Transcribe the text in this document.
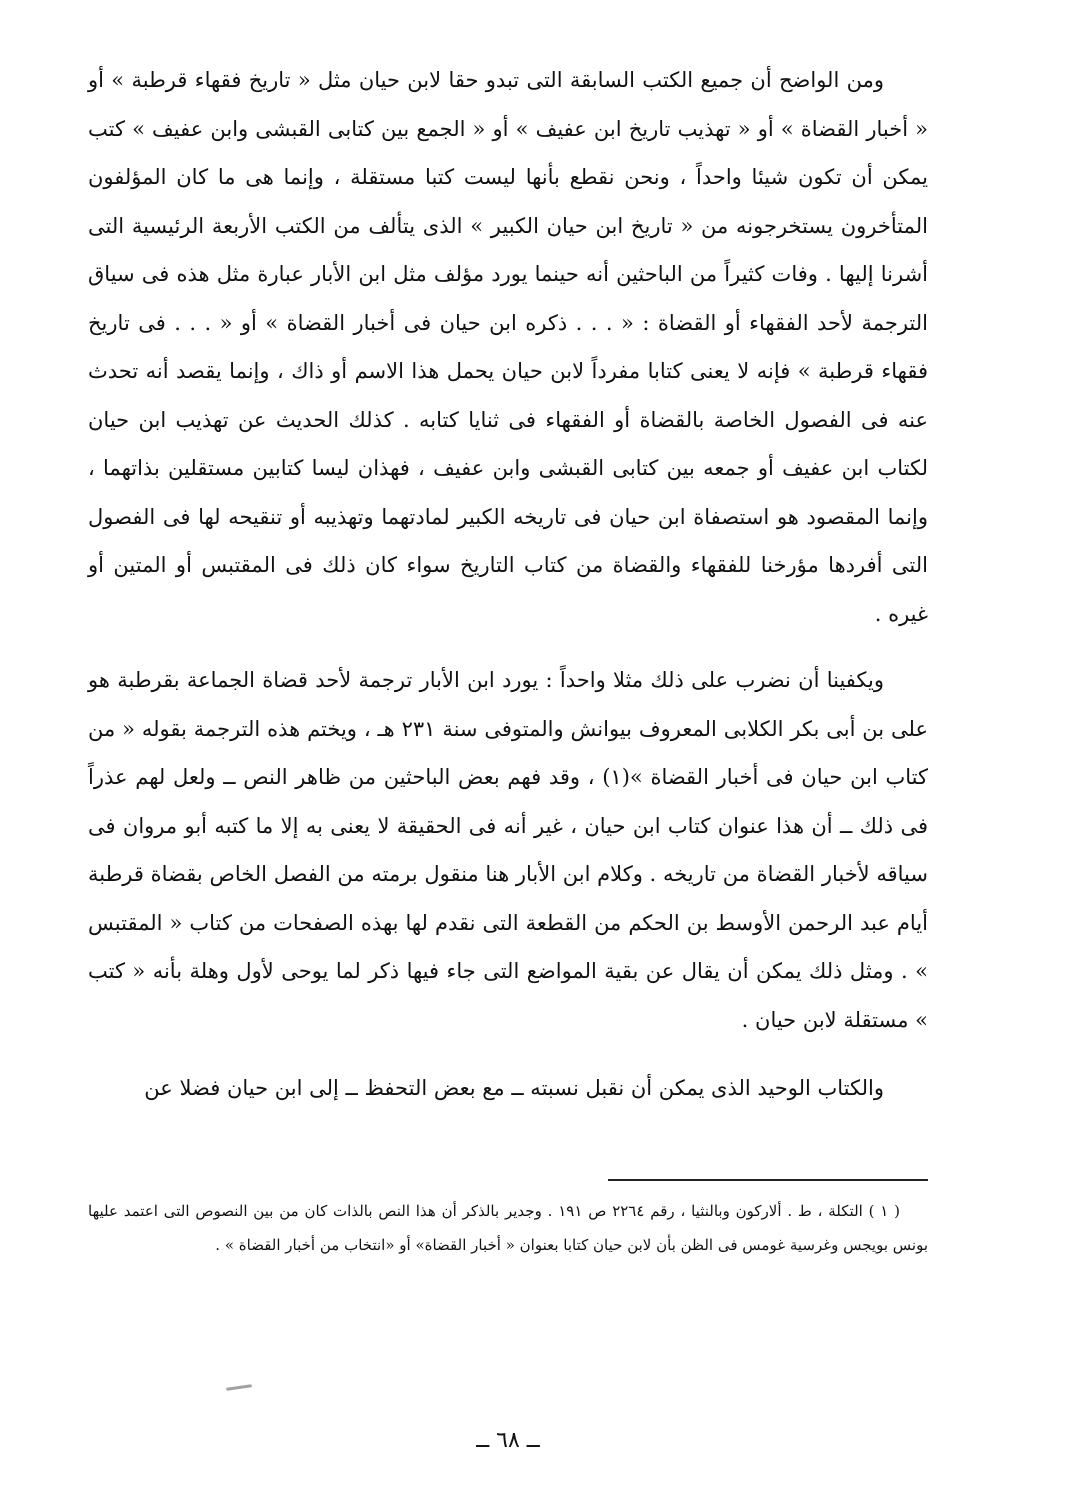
ومن الواضح أن جميع الكتب السابقة التى تبدو حقا لابن حيان مثل « تاريخ فقهاء قرطبة » أو « أخبار القضاة » أو « تهذيب تاريخ ابن عفيف » أو « الجمع بين كتابى القبشى وابن عفيف » كتب يمكن أن تكون شيئا واحداً ، ونحن نقطع بأنها ليست كتبا مستقلة ، وإنما هى ما كان المؤلفون المتأخرون يستخرجونه من « تاريخ ابن حيان الكبير » الذى يتألف من الكتب الأربعة الرئيسية التى أشرنا إليها . وفات كثيراً من الباحثين أنه حينما يورد مؤلف مثل ابن الأبار عبارة مثل هذه فى سياق الترجمة لأحد الفقهاء أو القضاة : « . . . ذكره ابن حيان فى أخبار القضاة » أو « . . . فى تاريخ فقهاء قرطبة » فإنه لا يعنى كتابا مفرداً لابن حيان يحمل هذا الاسم أو ذاك ، وإنما يقصد أنه تحدث عنه فى الفصول الخاصة بالقضاة أو الفقهاء فى ثنايا كتابه . كذلك الحديث عن تهذيب ابن حيان لكتاب ابن عفيف أو جمعه بين كتابى القبشى وابن عفيف ، فهذان ليسا كتابين مستقلين بذاتهما ، وإنما المقصود هو استصفاة ابن حيان فى تاريخه الكبير لمادتهما وتهذيبه أو تنقيحه لها فى الفصول التى أفردها مؤرخنا للفقهاء والقضاة من كتاب التاريخ سواء كان ذلك فى المقتبس أو المتين أو غيره .

ويكفينا أن نضرب على ذلك مثلا واحداً : يورد ابن الأبار ترجمة لأحد قضاة الجماعة بقرطبة هو على بن أبى بكر الكلابى المعروف بيوانش والمتوفى سنة ٢٣١ هـ ، ويختم هذه الترجمة بقوله « من كتاب ابن حيان فى أخبار القضاة »(١) ، وقد فهم بعض الباحثين من ظاهر النص ــ ولعل لهم عذراً فى ذلك ــ أن هذا عنوان كتاب ابن حيان ، غير أنه فى الحقيقة لا يعنى به إلا ما كتبه أبو مروان فى سياقه لأخبار القضاة من تاريخه . وكلام ابن الأبار هنا منقول برمته من الفصل الخاص بقضاة قرطبة أيام عبد الرحمن الأوسط بن الحكم من القطعة التى نقدم لها بهذه الصفحات من كتاب « المقتبس » . ومثل ذلك يمكن أن يقال عن بقية المواضع التى جاء فيها ذكر لما يوحى لأول وهلة بأنه « كتب » مستقلة لابن حيان .

والكتاب الوحيد الذى يمكن أن نقبل نسبته ــ مع بعض التحفظ ــ إلى ابن حيان فضلا عن

( ١ ) التكلة ، ط . ألاركون وبالنثيا ، رقم ٢٢٦٤ ص ١٩١ . وجدير بالذكر أن هذا النص بالذات كان من بين النصوص التى اعتمد عليها بونس بويجس وغرسية غومس فى الظن بأن لابن حيان كتابا بعنوان « أخبار القضاة» أو «انتخاب من أخبار القضاة » .

ــ ٦٨ ــ
